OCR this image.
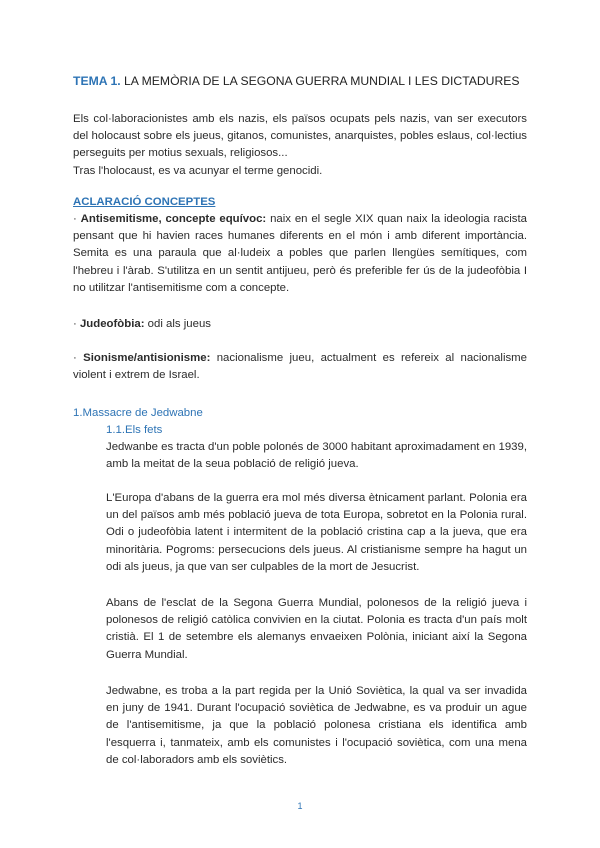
TEMA 1. LA MEMÒRIA DE LA SEGONA GUERRA MUNDIAL I LES DICTADURES

Els col·laboracionistes amb els nazis, els països ocupats pels nazis, van ser executors del holocaust sobre els jueus, gitanos, comunistes, anarquistes, pobles eslaus, col·lectius perseguits per motius sexuals, religiosos...

Tras l'holocaust, es va acunyar el terme genocidi.

ACLARACIÓ CONCEPTES

· Antisemitisme, concepte equívoc: naix en el segle XIX quan naix la ideologia racista pensant que hi havien races humanes diferents en el món i amb diferent importància. Semita es una paraula que al·ludeix a pobles que parlen llengües semítiques, com l'hebreu i l'àrab. S'utilitza en un sentit antijueu, però és preferible fer ús de la judeofòbia I no utilitzar l'antisemitisme com a concepte.

· Judeofòbia: odi als jueus

· Sionisme/antisionisme: nacionalisme jueu, actualment es refereix al nacionalisme violent i extrem de Israel.

1.Massacre de Jedwabne
1.1.Els fets

Jedwanbe es tracta d'un poble polonés de 3000 habitant aproximadament en 1939, amb la meitat de la seua població de religió jueva.

L'Europa d'abans de la guerra era mol més diversa ètnicament parlant. Polonia era un del països amb més població jueva de tota Europa, sobretot en la Polonia rural. Odi o judeofòbia latent i intermitent de la població cristina cap a la jueva, que era minoritària. Pogroms: persecucions dels jueus. Al cristianisme sempre ha hagut un odi als jueus, ja que van ser culpables de la mort de Jesucrist.

Abans de l'esclat de la Segona Guerra Mundial, polonesos de la religió jueva i polonesos de religió catòlica convivien en la ciutat. Polonia es tracta d'un país molt cristià. El 1 de setembre els alemanys envaeixen Polònia, iniciant així la Segona Guerra Mundial.

Jedwabne, es troba a la part regida per la Unió Soviètica, la qual va ser invadida en juny de 1941. Durant l'ocupació soviètica de Jedwabne, es va produir un ague de l'antisemitisme, ja que la població polonesa cristiana els identifica amb l'esquerra i, tanmateix, amb els comunistes i l'ocupació soviètica, com una mena de col·laboradors amb els soviètics.

1
